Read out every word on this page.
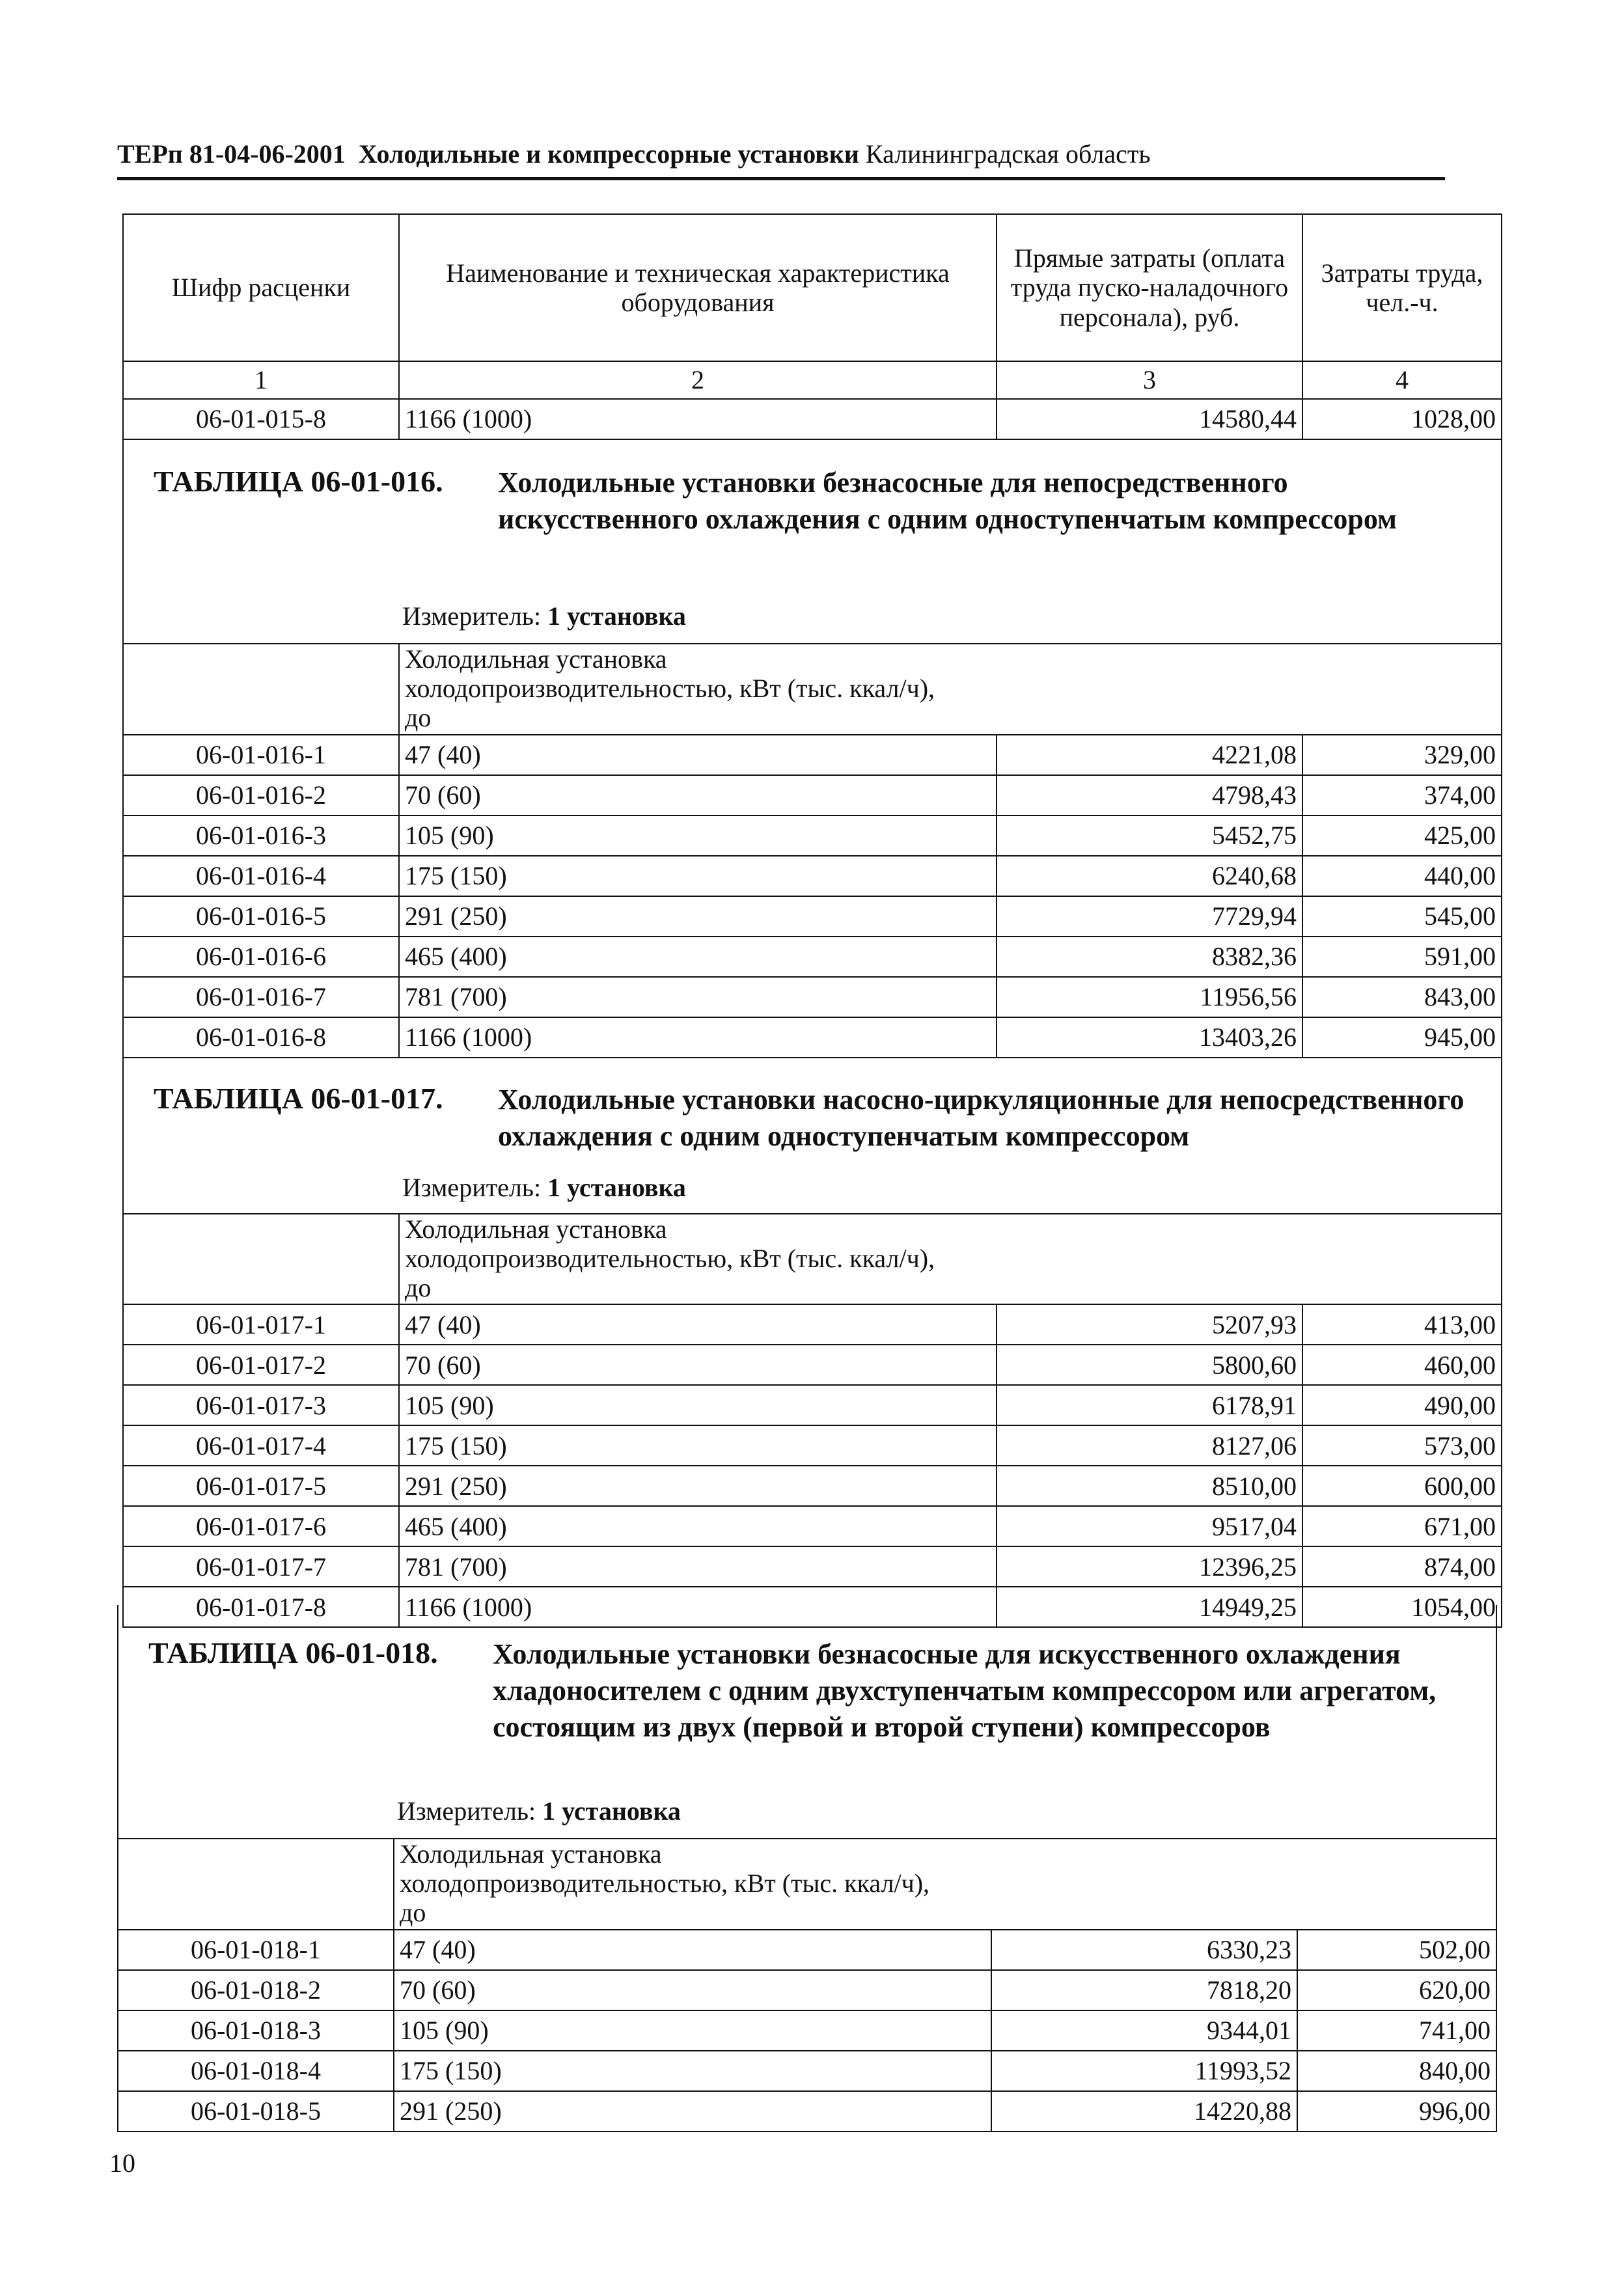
ТЕРп 81-04-06-2001 Холодильные и компрессорные установки Калининградская область
Шифр расценки	Наименование и техническая характеристика оборудования	Прямые затраты (оплата труда пуско-наладочного персонала), руб.	Затраты труда, чел.-ч.
1	2	3	4
06-01-015-8	1166 (1000)	14580,44	1028,00

ТАБЛИЦА 06-01-016. Холодильные установки безнасосные для непосредственного искусственного охлаждения с одним одноступенчатым компрессором
Измеритель: 1 установка			

	Холодильная установка холодопроизводительностью, кВт (тыс. ккал/ч), до		

06-01-016-1	47 (40)	4221,08	329,00
06-01-016-2	70 (60)	4798,43	374,00
06-01-016-3	105 (90)	5452,75	425,00
06-01-016-4	175 (150)	6240,68	440,00
06-01-016-5	291 (250)	7729,94	545,00
06-01-016-6	465 (400)	8382,36	591,00
06-01-016-7	781 (700)	11956,56	843,00
06-01-016-8	1166 (1000)	13403,26	945,00

ТАБЛИЦА 06-01-017. Холодильные установки насосно-циркуляционные для непосредственного охлаждения с одним одноступенчатым компрессором
Измеритель: 1 установка			

	Холодильная установка холодопроизводительностью, кВт (тыс. ккал/ч), до		

06-01-017-1	47 (40)	5207,93	413,00
06-01-017-2	70 (60)	5800,60	460,00
06-01-017-3	105 (90)	6178,91	490,00
06-01-017-4	175 (150)	8127,06	573,00
06-01-017-5	291 (250)	8510,00	600,00
06-01-017-6	465 (400)	9517,04	671,00
06-01-017-7	781 (700)	12396,25	874,00
06-01-017-8	1166 (1000)	14949,25	1054,00
ТАБЛИЦА 06-01-018. Холодильные установки безнасосные для искусственного охлаждения хладоносителем с одним двухступенчатым компрессором или агрегатом, состоящим из двух (первой и второй ступени) компрессоров
Измеритель: 1 установка			

	Холодильная установка холодопроизводительностью, кВт (тыс. ккал/ч), до		

06-01-018-1	47 (40)	6330,23	502,00
06-01-018-2	70 (60)	7818,20	620,00
06-01-018-3	105 (90)	9344,01	741,00
06-01-018-4	175 (150)	11993,52	840,00
06-01-018-5	291 (250)	14220,88	996,00
10
